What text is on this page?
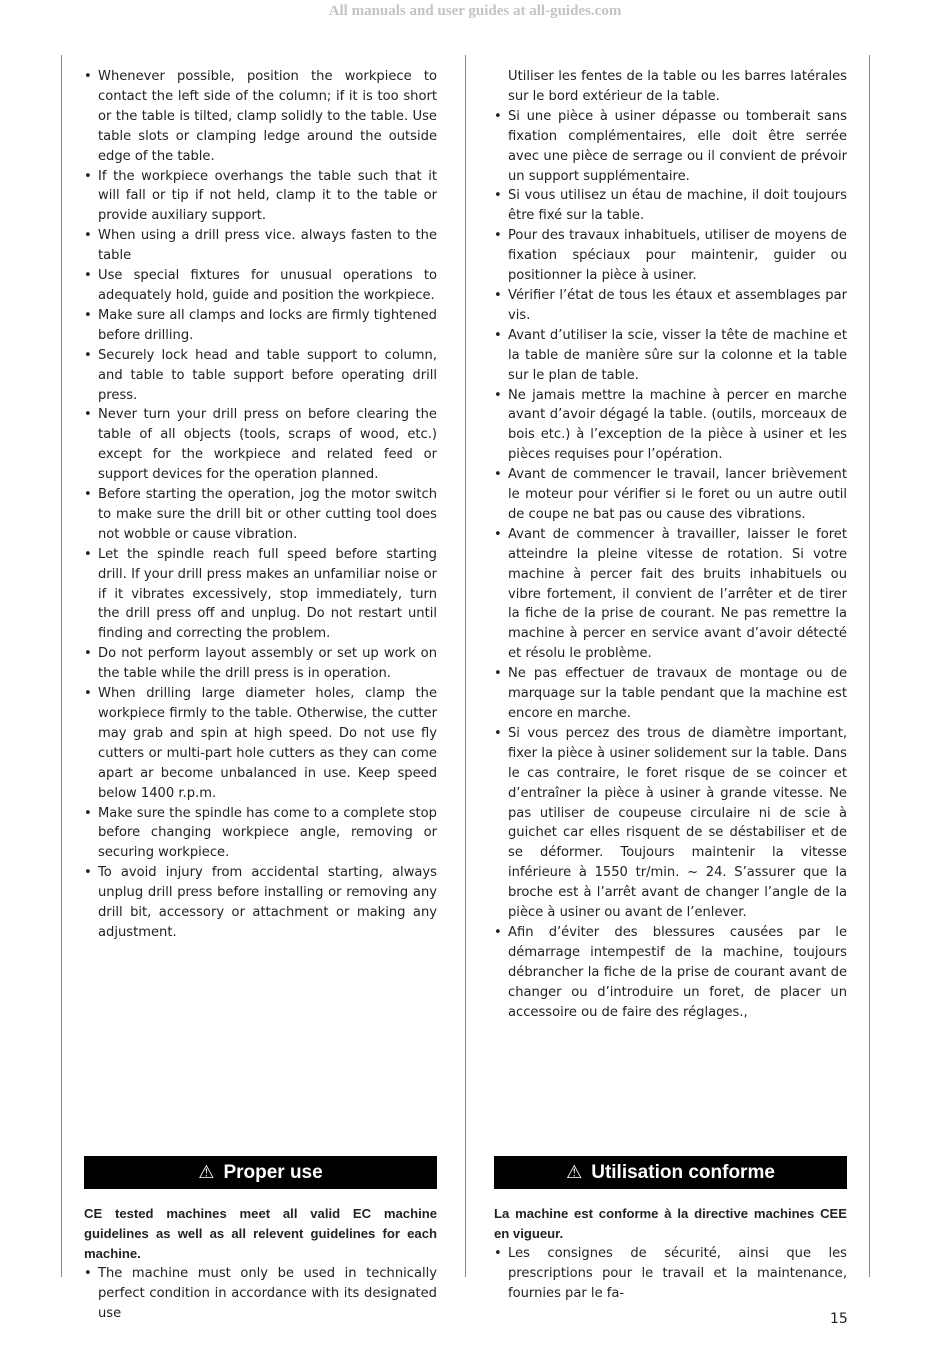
All manuals and user guides at all-guides.com
• Whenever possible, position the workpiece to contact the left side of the column; if it is too short or the table is tilted, clamp solidly to the table. Use table slots or clamping ledge around the outside edge of the table.
• If the workpiece overhangs the table such that it will fall or tip if not held, clamp it to the table or provide auxiliary support.
• When using a drill press vice. always fasten to the table
• Use special fixtures for unusual operations to adequately hold, guide and position the workpiece.
• Make sure all clamps and locks are firmly tightened before drilling.
• Securely lock head and table support to column, and table to table support before operating drill press.
• Never turn your drill press on before clearing the table of all objects (tools, scraps of wood, etc.) except for the workpiece and related feed or support devices for the operation planned.
• Before starting the operation, jog the motor switch to make sure the drill bit or other cutting tool does not wobble or cause vibration.
• Let the spindle reach full speed before starting drill. If your drill press makes an unfamiliar noise or if it vibrates excessively, stop immediately, turn the drill press off and unplug. Do not restart until finding and correcting the problem.
• Do not perform layout assembly or set up work on the table while the drill press is in operation.
• When drilling large diameter holes, clamp the workpiece firmly to the table. Otherwise, the cutter may grab and spin at high speed. Do not use fly cutters or multi-part hole cutters as they can come apart ar become unbalanced in use. Keep speed below 1400 r.p.m.
• Make sure the spindle has come to a complete stop before changing workpiece angle, removing or securing workpiece.
• To avoid injury from accidental starting, always unplug drill press before installing or removing any drill bit, accessory or attachment or making any adjustment.
Utiliser les fentes de la table ou les barres latérales sur le bord extérieur de la table.
• Si une pièce à usiner dépasse ou tomberait sans fixation complémentaires, elle doit être serrée avec une pièce de serrage ou il convient de prévoir un support supplémentaire.
• Si vous utilisez un étau de machine, il doit toujours être fixé sur la table.
• Pour des travaux inhabituels, utiliser de moyens de fixation spéciaux pour maintenir, guider ou positionner la pièce à usiner.
• Vérifier l’état de tous les étaux et assemblages par vis.
• Avant d’utiliser la scie, visser la tête de machine et la table de manière sûre sur la colonne et la table sur le plan de table.
• Ne jamais mettre la machine à percer en marche avant d’avoir dégagé la table. (outils, morceaux de bois etc.) à l’exception de la pièce à usiner et les pièces requises pour l’opération.
• Avant de commencer le travail, lancer brièvement le moteur pour vérifier si le foret ou un autre outil de coupe ne bat pas ou cause des vibrations.
• Avant de commencer à travailler, laisser le foret atteindre la pleine vitesse de rotation. Si votre machine à percer fait des bruits inhabituels ou vibre fortement, il convient de l’arrêter et de tirer la fiche de la prise de courant. Ne pas remettre la machine à percer en service avant d’avoir détecté et résolu le problème.
• Ne pas effectuer de travaux de montage ou de marquage sur la table pendant que la machine est encore en marche.
• Si vous percez des trous de diamètre important, fixer la pièce à usiner solidement sur la table. Dans le cas contraire, le foret risque de se coincer et d’entraîner la pièce à usiner à grande vitesse. Ne pas utiliser de coupeuse circulaire ni de scie à guichet car elles risquent de se déstabiliser et de se déformer. Toujours maintenir la vitesse inférieure à 1550 tr/min. ~ 24. S’assurer que la broche est à l’arrêt avant de changer l’angle de la pièce à usiner ou avant de l’enlever.
• Afin d’éviter des blessures causées par le démarrage intempestif de la machine, toujours débrancher la fiche de la prise de courant avant de changer ou d’introduire un foret, de placer un accessoire ou de faire des réglages.,
⚠ Proper use	⚠ Utilisation conforme
CE tested machines meet all valid EC machine guidelines as well as all relevent guidelines for each machine.
• The machine must only be used in technically perfect condition in accordance with its designated use
La machine est conforme à la directive machines CEE en vigueur.
• Les consignes de sécurité, ainsi que les prescriptions pour le travail et la maintenance, fournies par le fa-
15
